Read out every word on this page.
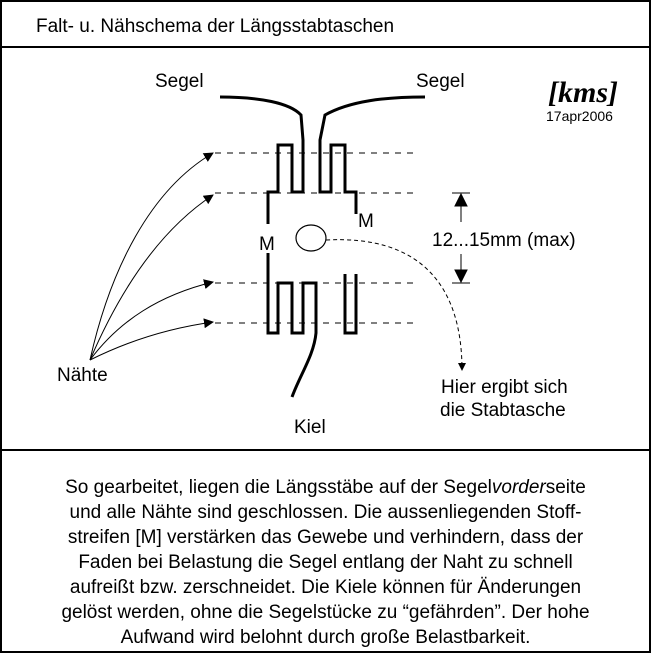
Falt- u. Nähschema der Längsstabtaschen
Segel	Segel
M
M
12...15mm (max)
Nähte
Kiel
Hier ergibt sich
die Stabtasche
[kms]
17apr2006
So gearbeitet, liegen die Längsstäbe auf der Segelvorderseite
und alle Nähte sind geschlossen. Die aussenliegenden Stoff-
streifen [M] verstärken das Gewebe und verhindern, dass der
Faden bei Belastung die Segel entlang der Naht zu schnell
aufreißt bzw. zerschneidet. Die Kiele können für Änderungen
gelöst werden, ohne die Segelstücke zu “gefährden”. Der hohe
Aufwand wird belohnt durch große Belastbarkeit.
